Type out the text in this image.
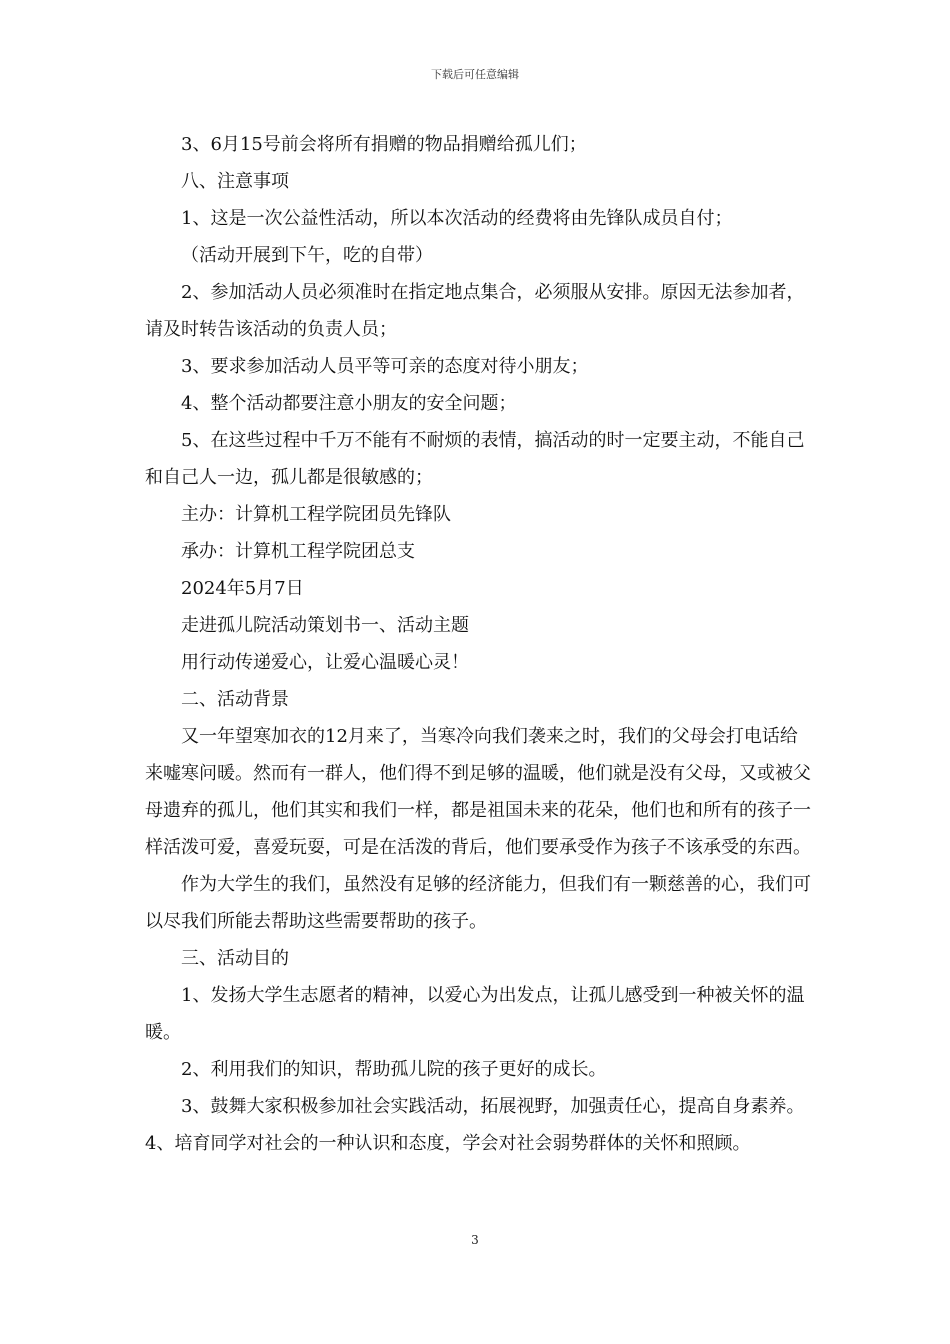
下载后可任意编辑

3、6月15号前会将所有捐赠的物品捐赠给孤儿们；

八、注意事项

1、这是一次公益性活动，所以本次活动的经费将由先锋队成员自付；

（活动开展到下午，吃的自带）

2、参加活动人员必须准时在指定地点集合，必须服从安排。原因无法参加者，请及时转告该活动的负责人员；

3、要求参加活动人员平等可亲的态度对待小朋友；

4、整个活动都要注意小朋友的安全问题；

5、在这些过程中千万不能有不耐烦的表情，搞活动的时一定要主动，不能自己和自己人一边，孤儿都是很敏感的；

主办：计算机工程学院团员先锋队

承办：计算机工程学院团总支

2024年5月7日

走进孤儿院活动策划书一、活动主题

用行动传递爱心，让爱心温暖心灵！

二、活动背景

又一年望寒加衣的12月来了，当寒冷向我们袭来之时，我们的父母会打电话给来嘘寒问暖。然而有一群人，他们得不到足够的温暖，他们就是没有父母，又或被父母遗弃的孤儿，他们其实和我们一样，都是祖国未来的花朵，他们也和所有的孩子一样活泼可爱，喜爱玩耍，可是在活泼的背后，他们要承受作为孩子不该承受的东西。

作为大学生的我们，虽然没有足够的经济能力，但我们有一颗慈善的心，我们可以尽我们所能去帮助这些需要帮助的孩子。

三、活动目的

1、发扬大学生志愿者的精神，以爱心为出发点，让孤儿感受到一种被关怀的温暖。

2、利用我们的知识，帮助孤儿院的孩子更好的成长。

3、鼓舞大家积极参加社会实践活动，拓展视野，加强责任心，提高自身素养。4、培育同学对社会的一种认识和态度，学会对社会弱势群体的关怀和照顾。

3
